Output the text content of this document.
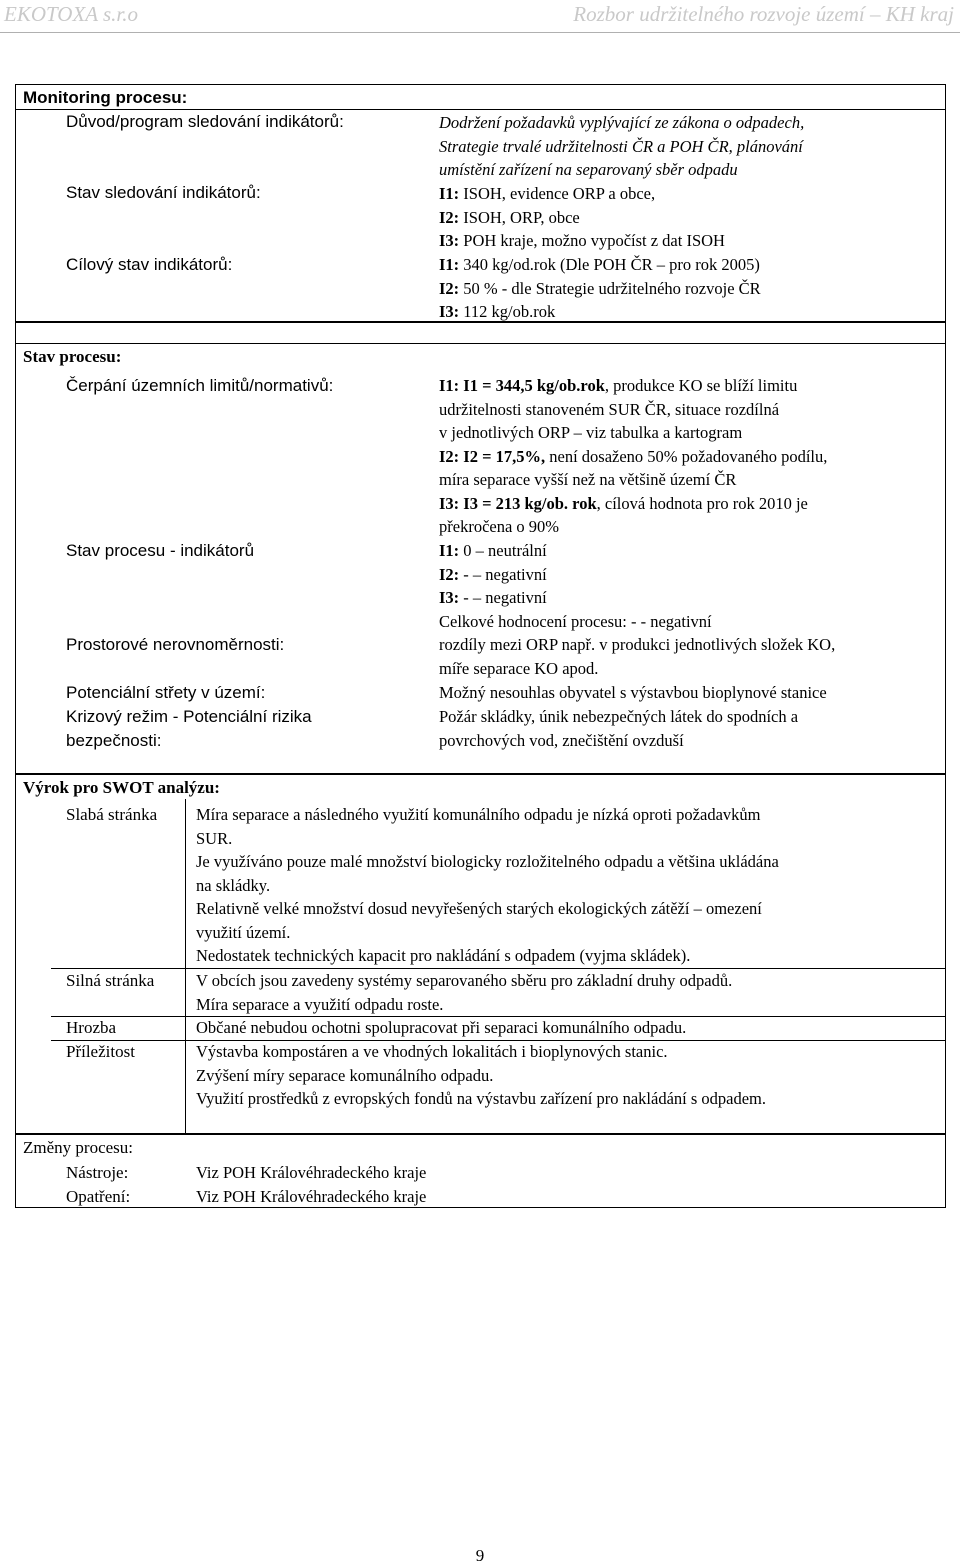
EKOTOXA s.r.o	Rozbor udržitelného rozvoje území – KH kraj
Monitoring procesu:
Důvod/program sledování indikátorů:	Dodržení požadavků vyplývající ze zákona o odpadech,
Strategie trvalé udržitelnosti ČR a POH ČR, plánování
umístění zařízení na separovaný sběr odpadu
Stav sledování indikátorů:	I1: ISOH, evidence ORP a obce,
I2: ISOH, ORP, obce
I3: POH kraje, možno vypočíst z dat ISOH
Cílový stav indikátorů:	I1: 340 kg/od.rok (Dle POH ČR – pro rok 2005)
I2: 50 % - dle Strategie udržitelného rozvoje ČR
I3: 112 kg/ob.rok
Stav procesu:
Čerpání územních limitů/normativů:	I1: I1 = 344,5 kg/ob.rok, produkce KO se blíží limitu
udržitelnosti stanoveném SUR ČR, situace rozdílná
v jednotlivých ORP – viz tabulka a kartogram
I2: I2 = 17,5%, není dosaženo 50% požadovaného podílu,
míra separace vyšší než na většině území ČR
I3: I3 = 213 kg/ob. rok, cílová hodnota pro rok 2010 je
překročena o 90%
Stav procesu - indikátorů	I1: 0 – neutrální
I2: - – negativní
I3: - – negativní
Celkové hodnocení procesu: - - negativní
Prostorové nerovnoměrnosti:	rozdíly mezi ORP např. v produkci jednotlivých složek KO,
míře separace KO apod.
Potenciální střety v území:	Možný nesouhlas obyvatel s výstavbou bioplynové stanice
Krizový režim - Potenciální rizika
bezpečnosti:
Požár skládky, únik nebezpečných látek do spodních a
povrchových vod, znečištění ovzduší
Výrok pro SWOT analýzu:
Slabá stránka Míra separace a následného využití komunálního odpadu je nízká oproti požadavkům
SUR.
Je využíváno pouze malé množství biologicky rozložitelného odpadu a většina ukládána
na skládky.
Relativně velké množství dosud nevyřešených starých ekologických zátěží – omezení
využití území.
Nedostatek technických kapacit pro nakládání s odpadem (vyjma skládek).
Silná stránka	V obcích jsou zavedeny systémy separovaného sběru pro základní druhy odpadů.
Míra separace a využití odpadu roste.
Hrozba	Občané nebudou ochotni spolupracovat při separaci komunálního odpadu.
Příležitost	Výstavba kompostáren a ve vhodných lokalitách i bioplynových stanic.
Zvýšení míry separace komunálního odpadu.
Využití prostředků z evropských fondů na výstavbu zařízení pro nakládání s odpadem.
Změny procesu:
Nástroje:	Viz POH Královéhradeckého kraje
Opatření:	Viz POH Královéhradeckého kraje
9
